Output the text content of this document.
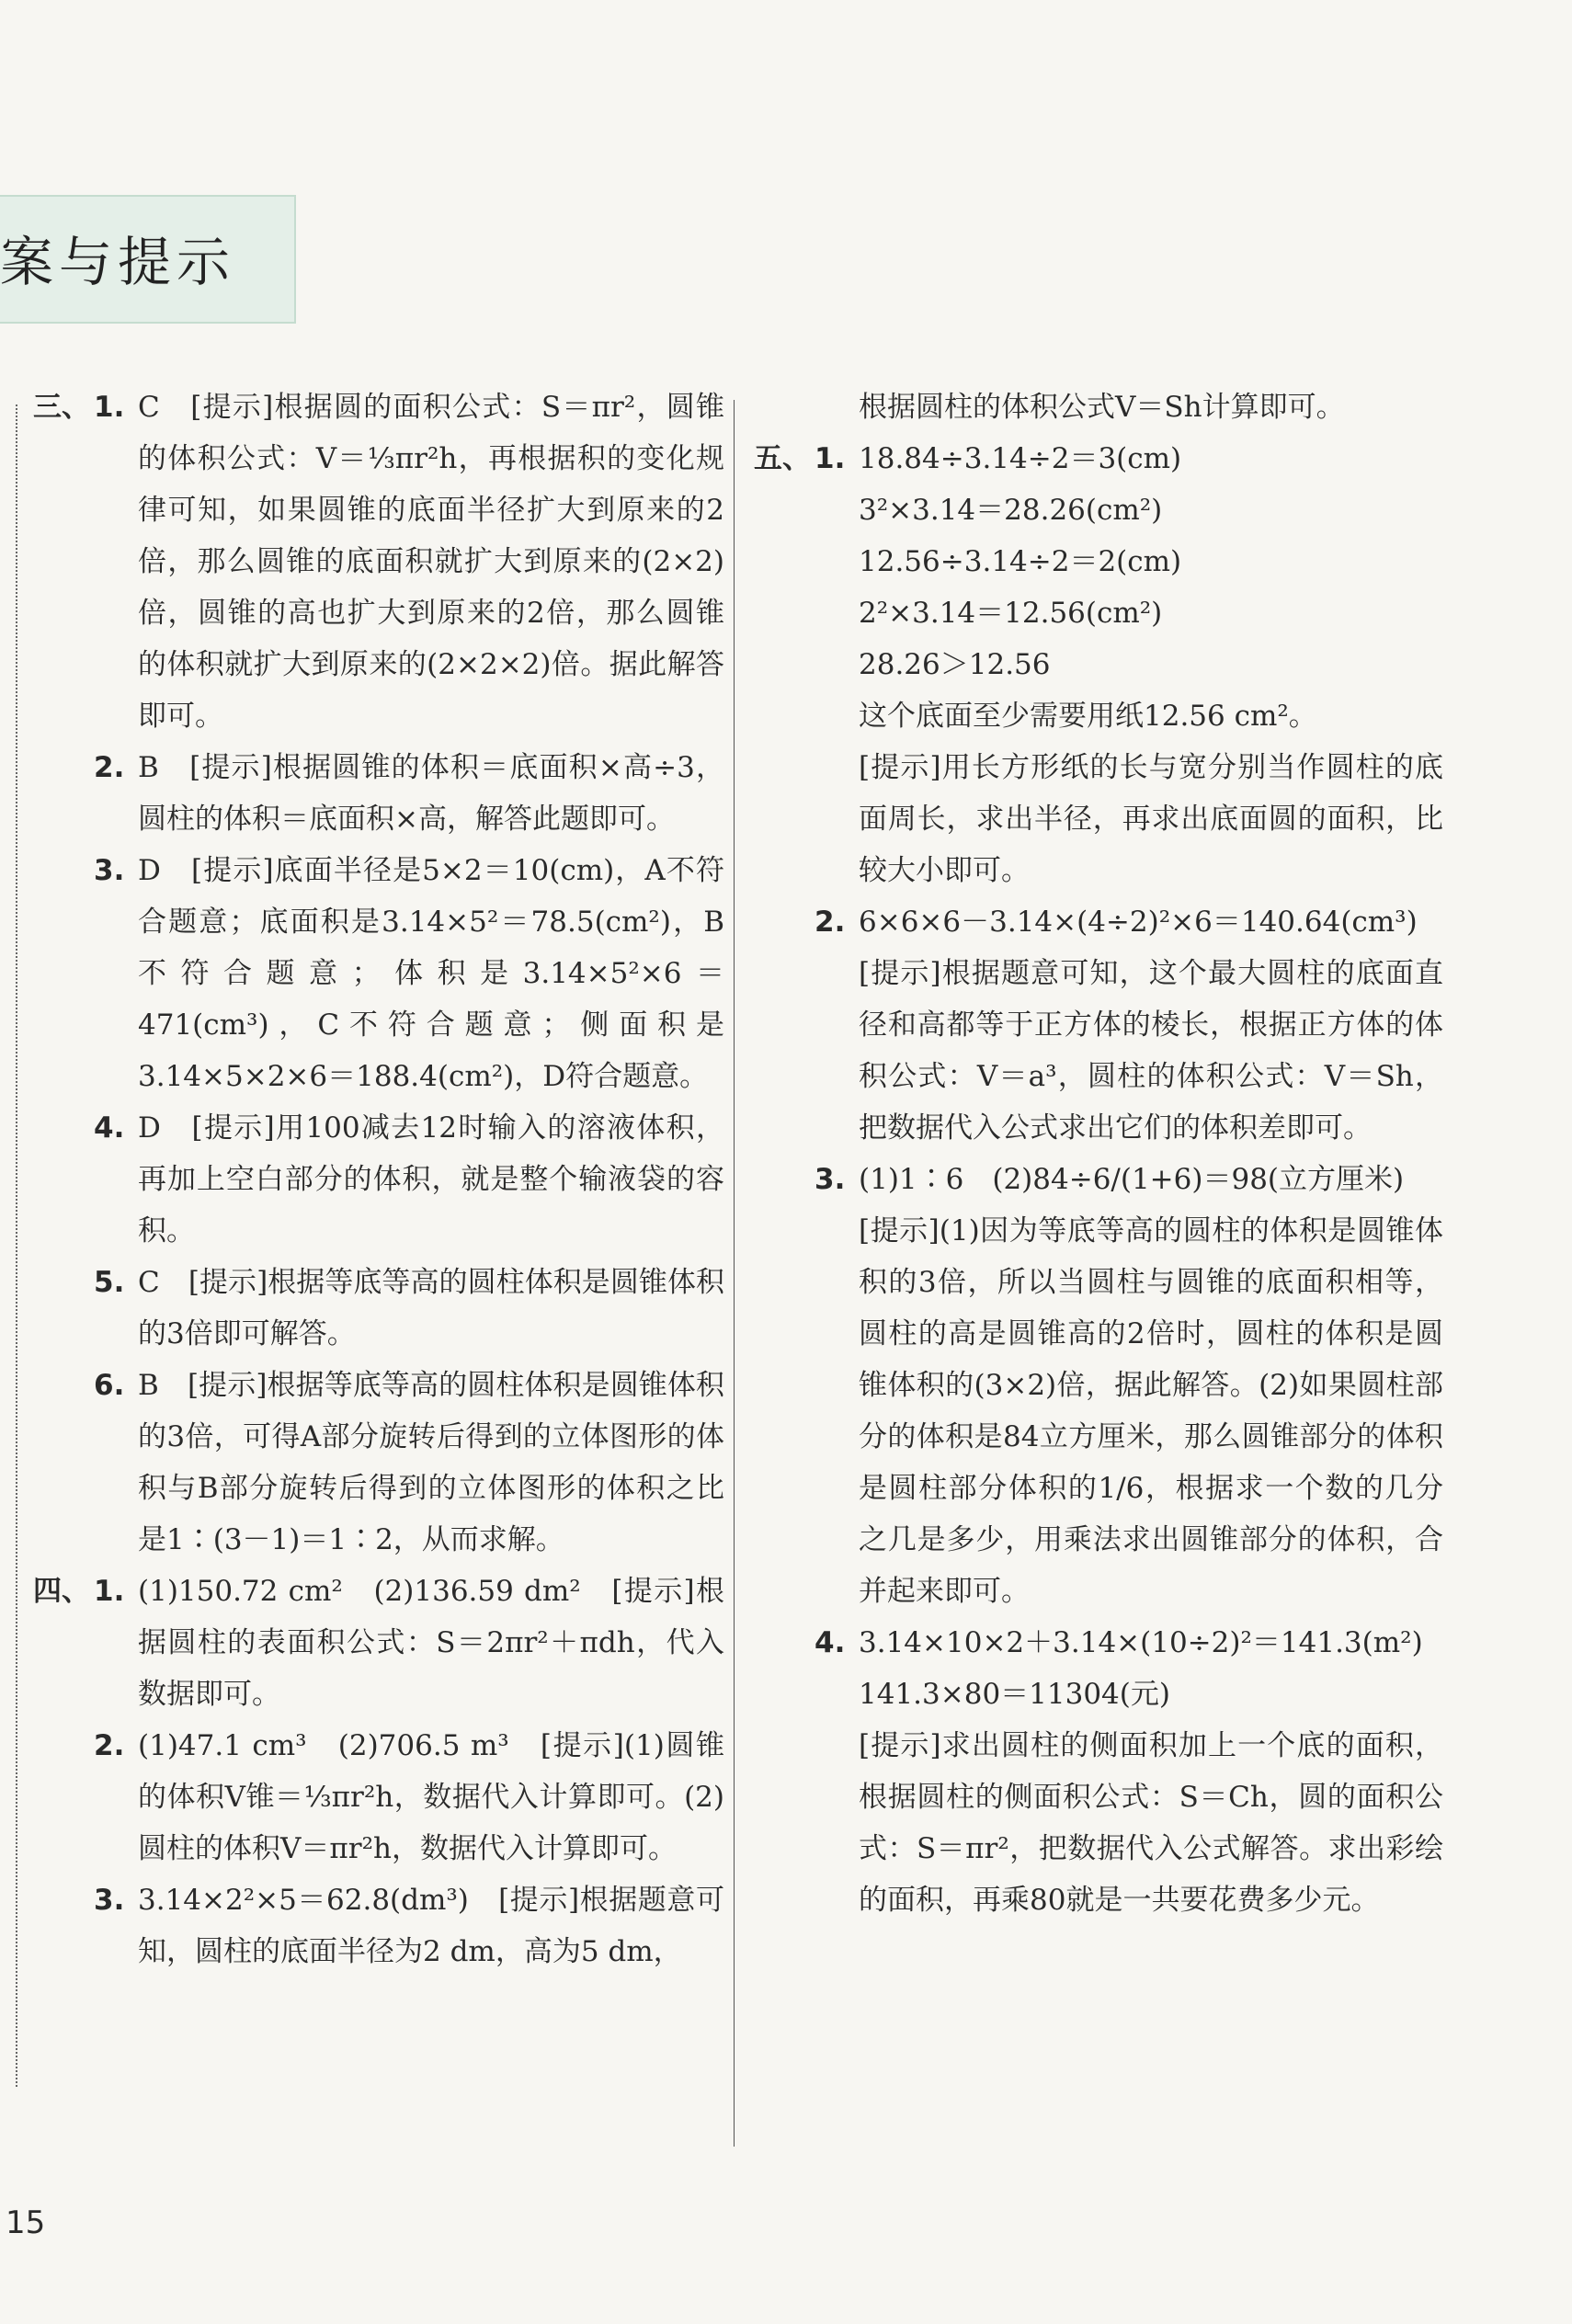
案与提示
三、 1. C　[提示]根据圆的面积公式：S＝πr²，圆锥的体积公式：V＝⅓πr²h，再根据积的变化规律可知，如果圆锥的底面半径扩大到原来的2倍，那么圆锥的底面积就扩大到原来的(2×2)倍，圆锥的高也扩大到原来的2倍，那么圆锥的体积就扩大到原来的(2×2×2)倍。据此解答即可。
2. B　[提示]根据圆锥的体积＝底面积×高÷3，圆柱的体积＝底面积×高，解答此题即可。
3. D　[提示]底面半径是5×2＝10(cm)，A不符合题意；底面积是3.14×5²＝78.5(cm²)，B不符合题意；体积是3.14×5²×6＝471(cm³)，C不符合题意；侧面积是3.14×5×2×6＝188.4(cm²)，D符合题意。
4. D　[提示]用100减去12时输入的溶液体积，再加上空白部分的体积，就是整个输液袋的容积。
5. C　[提示]根据等底等高的圆柱体积是圆锥体积的3倍即可解答。
6. B　[提示]根据等底等高的圆柱体积是圆锥体积的3倍，可得A部分旋转后得到的立体图形的体积与B部分旋转后得到的立体图形的体积之比是1∶(3－1)＝1∶2，从而求解。
四、 1. (1)150.72 cm²　(2)136.59 dm²　[提示]根据圆柱的表面积公式：S＝2πr²＋πdh，代入数据即可。
2. (1)47.1 cm³　(2)706.5 m³　[提示](1)圆锥的体积V锥＝⅓πr²h，数据代入计算即可。(2)圆柱的体积V＝πr²h，数据代入计算即可。
3. 3.14×2²×5＝62.8(dm³)　[提示]根据题意可知，圆柱的底面半径为2 dm，高为5 dm，
根据圆柱的体积公式V＝Sh计算即可。
五、 1. 18.84÷3.14÷2＝3(cm)
3²×3.14＝28.26(cm²)
12.56÷3.14÷2＝2(cm)
2²×3.14＝12.56(cm²)
28.26＞12.56
这个底面至少需要用纸12.56 cm²。
[提示]用长方形纸的长与宽分别当作圆柱的底面周长，求出半径，再求出底面圆的面积，比较大小即可。
2. 6×6×6－3.14×(4÷2)²×6＝140.64(cm³)
[提示]根据题意可知，这个最大圆柱的底面直径和高都等于正方体的棱长，根据正方体的体积公式：V＝a³，圆柱的体积公式：V＝Sh，把数据代入公式求出它们的体积差即可。
3. (1)1∶6　(2)84÷6/(1+6)＝98(立方厘米)
[提示](1)因为等底等高的圆柱的体积是圆锥体积的3倍，所以当圆柱与圆锥的底面积相等，圆柱的高是圆锥高的2倍时，圆柱的体积是圆锥体积的(3×2)倍，据此解答。(2)如果圆柱部分的体积是84立方厘米，那么圆锥部分的体积是圆柱部分体积的1/6，根据求一个数的几分之几是多少，用乘法求出圆锥部分的体积，合并起来即可。
4. 3.14×10×2＋3.14×(10÷2)²＝141.3(m²)
141.3×80＝11304(元)
[提示]求出圆柱的侧面积加上一个底的面积，根据圆柱的侧面积公式：S＝Ch，圆的面积公式：S＝πr²，把数据代入公式解答。求出彩绘的面积，再乘80就是一共要花费多少元。
15
